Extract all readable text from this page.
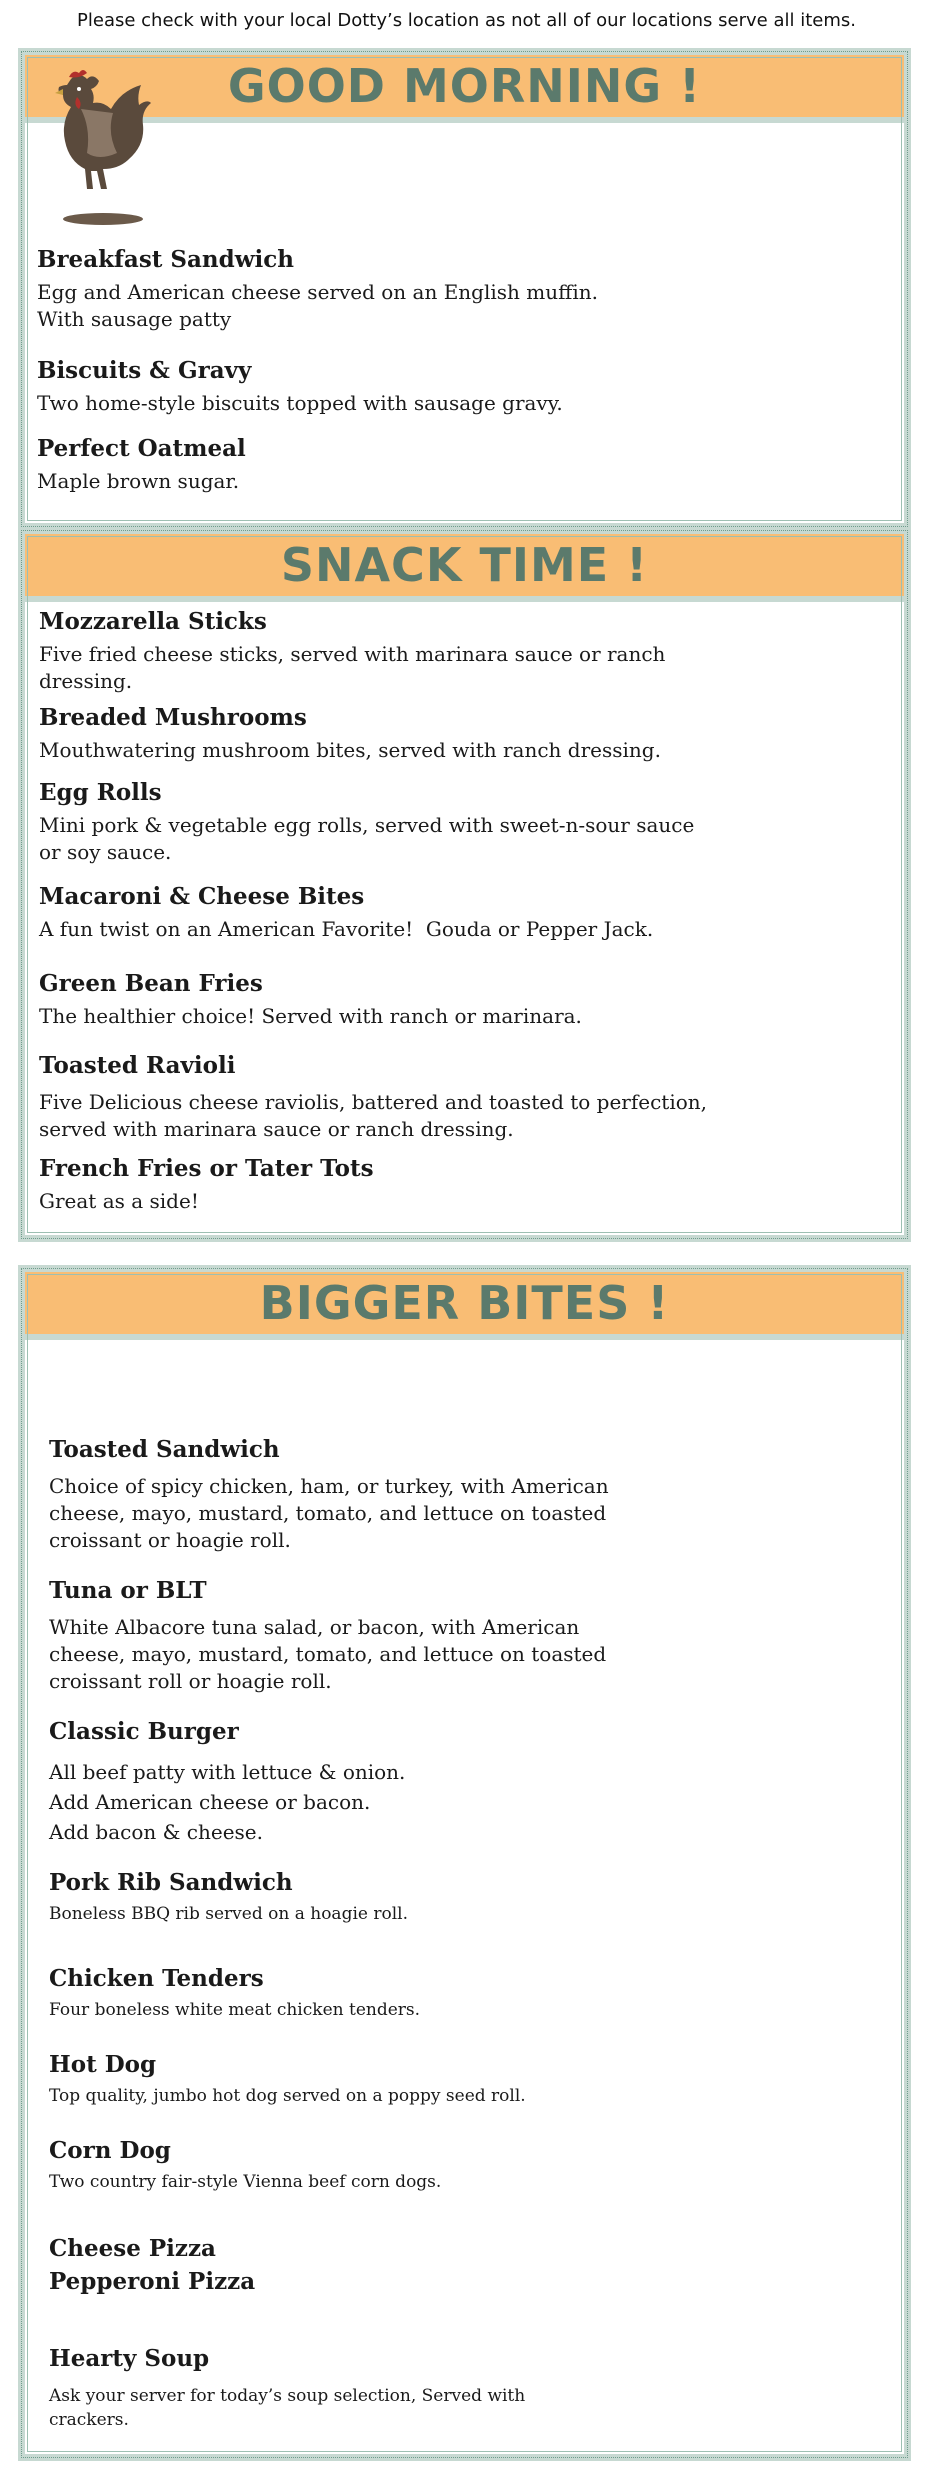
Please check with your local Dotty’s location as not all of our locations serve all items.
GOOD MORNING !
Breakfast Sandwich

Egg and American cheese served on an English muffin.
With sausage patty

Biscuits & Gravy

Two home-style biscuits topped with sausage gravy.

Perfect Oatmeal

Maple brown sugar.

SNACK TIME !
Mozzarella Sticks

Five fried cheese sticks, served with marinara sauce or ranch
dressing.

Breaded Mushrooms

Mouthwatering mushroom bites, served with ranch dressing.

Egg Rolls

Mini pork & vegetable egg rolls, served with sweet-n-sour sauce
or soy sauce.

Macaroni & Cheese Bites

A fun twist on an American Favorite!  Gouda or Pepper Jack.

Green Bean Fries

The healthier choice! Served with ranch or marinara.

Toasted Ravioli

Five Delicious cheese raviolis, battered and toasted to perfection,
served with marinara sauce or ranch dressing.

French Fries or Tater Tots

Great as a side!

BIGGER BITES !
Toasted Sandwich

Choice of spicy chicken, ham, or turkey, with American
cheese, mayo, mustard, tomato, and lettuce on toasted
croissant or hoagie roll.

Tuna or BLT

White Albacore tuna salad, or bacon, with American
cheese, mayo, mustard, tomato, and lettuce on toasted
croissant roll or hoagie roll.

Classic Burger

All beef patty with lettuce & onion.
Add American cheese or bacon.
Add bacon & cheese.

Pork Rib Sandwich

Boneless BBQ rib served on a hoagie roll.

Chicken Tenders

Four boneless white meat chicken tenders.

Hot Dog

Top quality, jumbo hot dog served on a poppy seed roll.

Corn Dog

Two country fair-style Vienna beef corn dogs.

Cheese Pizza
Pepperoni Pizza
Hearty Soup

Ask your server for today’s soup selection, Served with
crackers.
